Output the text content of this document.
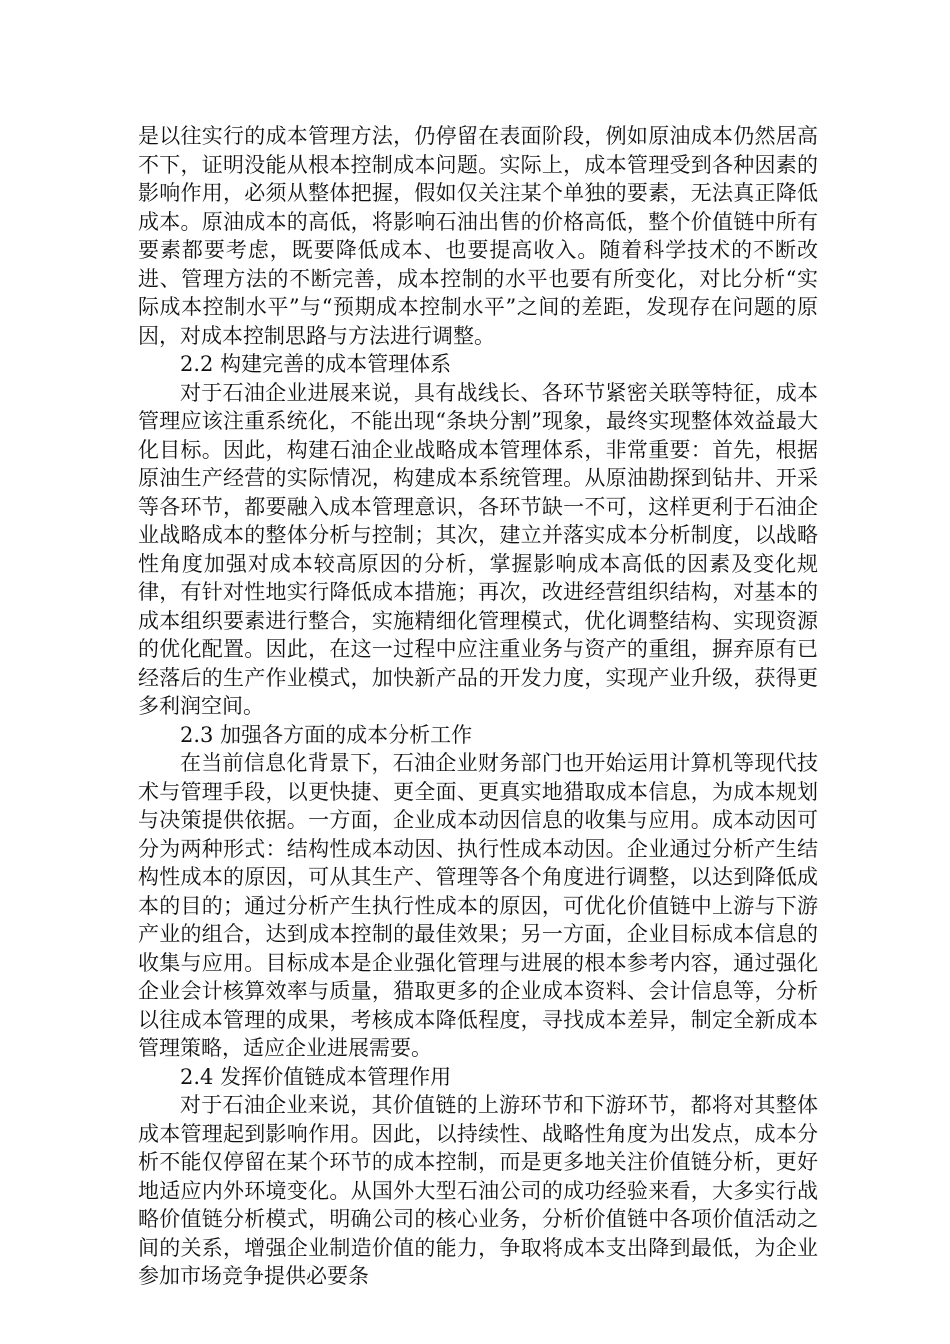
是以往实行的成本管理方法，仍停留在表面阶段，例如原油成本仍然居高不下，证明没能从根本控制成本问题。实际上，成本管理受到各种因素的影响作用，必须从整体把握，假如仅关注某个单独的要素，无法真正降低成本。原油成本的高低，将影响石油出售的价格高低，整个价值链中所有要素都要考虑，既要降低成本、也要提高收入。随着科学技术的不断改进、管理方法的不断完善，成本控制的水平也要有所变化，对比分析“实际成本控制水平”与“预期成本控制水平”之间的差距，发现存在问题的原因，对成本控制思路与方法进行调整。

2.2 构建完善的成本管理体系

对于石油企业进展来说，具有战线长、各环节紧密关联等特征，成本管理应该注重系统化，不能出现“条块分割”现象，最终实现整体效益最大化目标。因此，构建石油企业战略成本管理体系，非常重要：首先，根据原油生产经营的实际情况，构建成本系统管理。从原油勘探到钻井、开采等各环节，都要融入成本管理意识，各环节缺一不可，这样更利于石油企业战略成本的整体分析与控制；其次，建立并落实成本分析制度，以战略性角度加强对成本较高原因的分析，掌握影响成本高低的因素及变化规律，有针对性地实行降低成本措施；再次，改进经营组织结构，对基本的成本组织要素进行整合，实施精细化管理模式，优化调整结构、实现资源的优化配置。因此，在这一过程中应注重业务与资产的重组，摒弃原有已经落后的生产作业模式，加快新产品的开发力度，实现产业升级，获得更多利润空间。

2.3 加强各方面的成本分析工作

在当前信息化背景下，石油企业财务部门也开始运用计算机等现代技术与管理手段，以更快捷、更全面、更真实地猎取成本信息，为成本规划与决策提供依据。一方面，企业成本动因信息的收集与应用。成本动因可分为两种形式：结构性成本动因、执行性成本动因。企业通过分析产生结构性成本的原因，可从其生产、管理等各个角度进行调整，以达到降低成本的目的；通过分析产生执行性成本的原因，可优化价值链中上游与下游产业的组合，达到成本控制的最佳效果；另一方面，企业目标成本信息的收集与应用。目标成本是企业强化管理与进展的根本参考内容，通过强化企业会计核算效率与质量，猎取更多的企业成本资料、会计信息等，分析以往成本管理的成果，考核成本降低程度，寻找成本差异，制定全新成本管理策略，适应企业进展需要。

2.4 发挥价值链成本管理作用

对于石油企业来说，其价值链的上游环节和下游环节，都将对其整体成本管理起到影响作用。因此，以持续性、战略性角度为出发点，成本分析不能仅停留在某个环节的成本控制，而是更多地关注价值链分析，更好地适应内外环境变化。从国外大型石油公司的成功经验来看，大多实行战略价值链分析模式，明确公司的核心业务，分析价值链中各项价值活动之间的关系，增强企业制造价值的能力，争取将成本支出降到最低，为企业参加市场竞争提供必要条
